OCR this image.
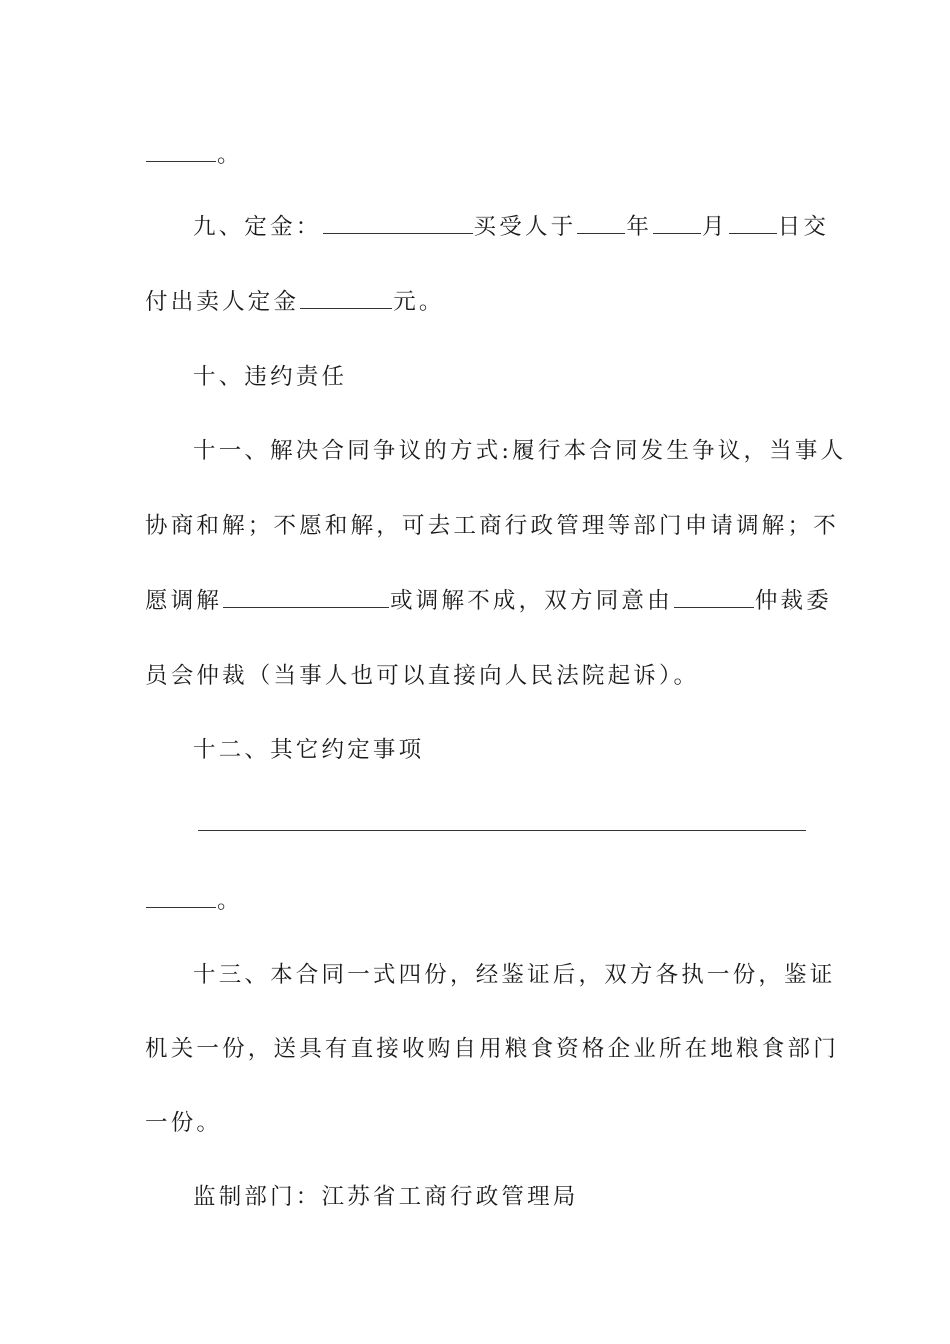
。
九、定金：	买受人于 年 月 日交
付出卖人定金	元。
十、违约责任
十一、解决合同争议的方式:履行本合同发生争议，当事人
协商和解；不愿和解，可去工商行政管理等部门申请调解；不
愿调解	或调解不成，双方同意由	仲裁委
员会仲裁（当事人也可以直接向人民法院起诉）。
十二、其它约定事项
。
十三、本合同一式四份，经鉴证后，双方各执一份，鉴证
机关一份，送具有直接收购自用粮食资格企业所在地粮食部门
一份。
监制部门：江苏省工商行政管理局
